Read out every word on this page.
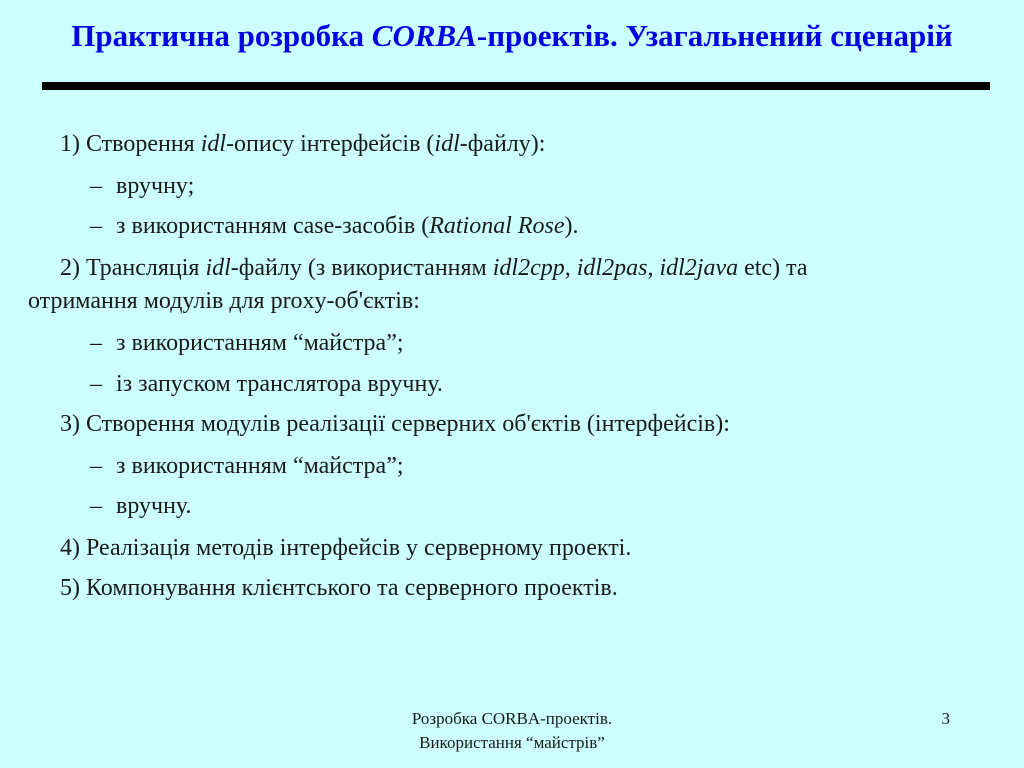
Практична розробка CORBA-проектів. Узагальнений сценарій
1) Створення idl-опису інтерфейсів (idl-файлу):
– вручну;
– з використанням case-засобів (Rational Rose).
2) Трансляція idl-файлу (з використанням idl2cpp, idl2pas, idl2java etc) та
отримання модулів для proxy-об'єктів:
– з використанням “майстра”;
– із запуском транслятора вручну.
3) Створення модулів реалізації серверних об'єктів (інтерфейсів):
– з використанням “майстра”;
– вручну.
4) Реалізація методів інтерфейсів у серверному проекті.
5) Компонування клієнтського та серверного проектів.
Розробка CORBA-проектів.
Використання “майстрів”
3
